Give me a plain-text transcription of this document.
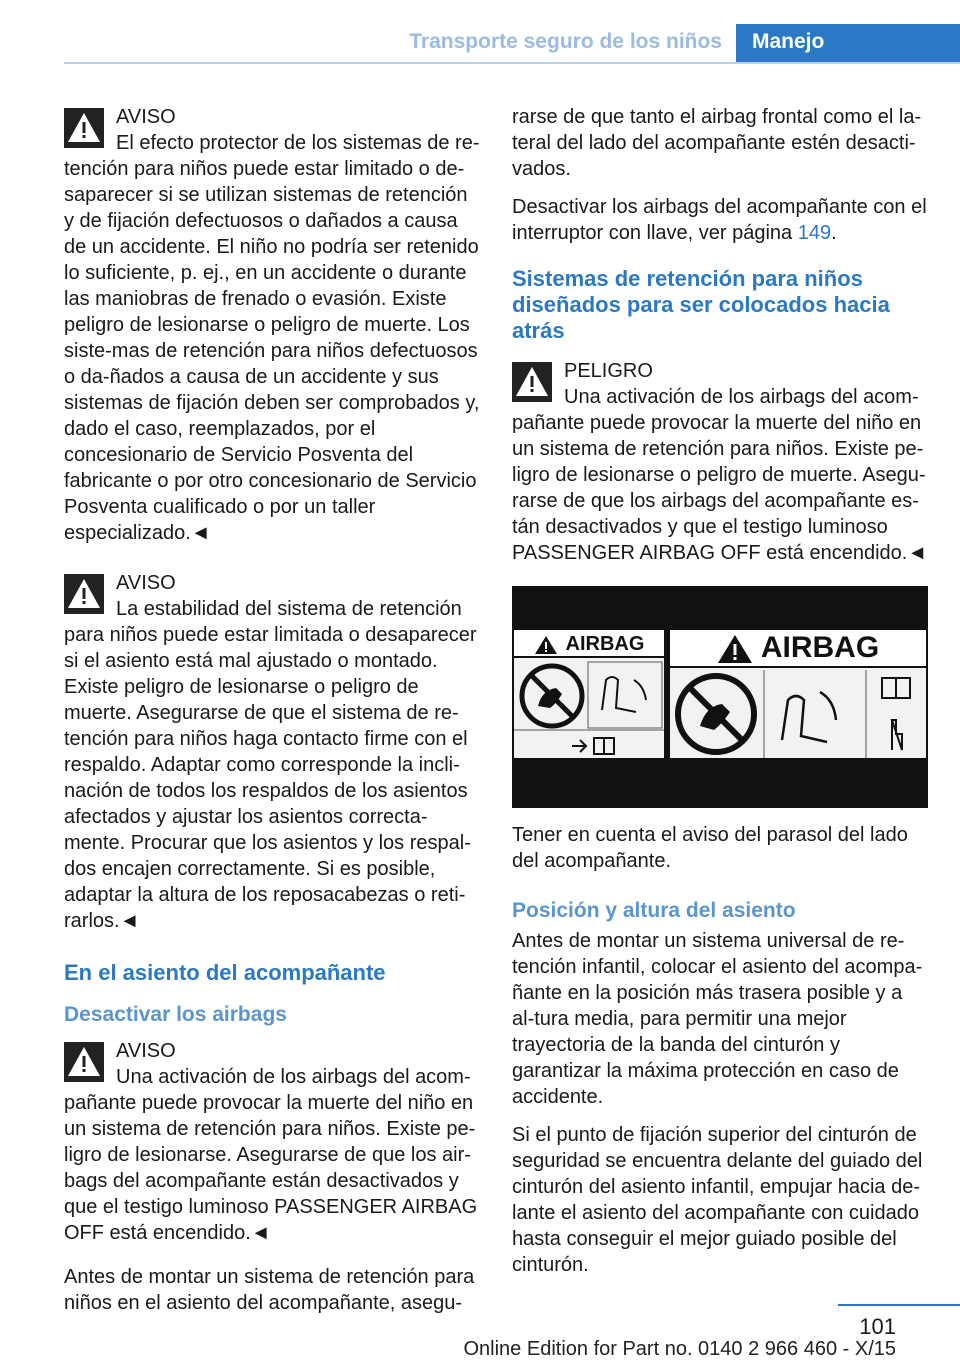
Transporte seguro de los niños	Manejo
AVISO
El efecto protector de los sistemas de re-

tención para niños puede estar limitado o de-saparecer si se utilizan sistemas de retención y de fijación defectuosos o dañados a causa de un accidente. El niño no podría ser retenido lo suficiente, p. ej., en un accidente o durante las maniobras de frenado o evasión. Existe peligro de lesionarse o peligro de muerte. Los siste-mas de retención para niños defectuosos o da-ñados a causa de un accidente y sus sistemas de fijación deben ser comprobados y, dado el caso, reemplazados, por el concesionario de Servicio Posventa del fabricante o por otro concesionario de Servicio Posventa cualificado o por un taller especializado.◄

AVISO
La estabilidad del sistema de retención

para niños puede estar limitada o desaparecer si el asiento está mal ajustado o montado. Existe peligro de lesionarse o peligro de muerte. Asegurarse de que el sistema de re-tención para niños haga contacto firme con el respaldo. Adaptar como corresponde la incli-nación de todos los respaldos de los asientos afectados y ajustar los asientos correcta-mente. Procurar que los asientos y los respal-dos encajen correctamente. Si es posible, adaptar la altura de los reposacabezas o reti-rarlos.◄

En el asiento del acompañante
Desactivar los airbags
AVISO
Una activación de los airbags del acom-

pañante puede provocar la muerte del niño en un sistema de retención para niños. Existe pe-ligro de lesionarse. Asegurarse de que los air-bags del acompañante están desactivados y que el testigo luminoso PASSENGER AIRBAG OFF está encendido.◄

Antes de montar un sistema de retención para niños en el asiento del acompañante, asegu-

rarse de que tanto el airbag frontal como el la-teral del lado del acompañante estén desacti-vados.

Desactivar los airbags del acompañante con el interruptor con llave, ver página 149.

Sistemas de retención para niños diseñados para ser colocados hacia atrás
PELIGRO
Una activación de los airbags del acom-

pañante puede provocar la muerte del niño en un sistema de retención para niños. Existe pe-ligro de lesionarse o peligro de muerte. Asegu-rarse de que los airbags del acompañante es-tán desactivados y que el testigo luminoso PASSENGER AIRBAG OFF está encendido.◄

AIRBAG	AIRBAG

Tener en cuenta el aviso del parasol del lado del acompañante.

Posición y altura del asiento

Antes de montar un sistema universal de re-tención infantil, colocar el asiento del acompa-ñante en la posición más trasera posible y a al-tura media, para permitir una mejor trayectoria de la banda del cinturón y garantizar la máxima protección en caso de accidente.

Si el punto de fijación superior del cinturón de seguridad se encuentra delante del guiado del cinturón del asiento infantil, empujar hacia de-lante el asiento del acompañante con cuidado hasta conseguir el mejor guiado posible del cinturón.

101
Online Edition for Part no. 0140 2 966 460 - X/15
